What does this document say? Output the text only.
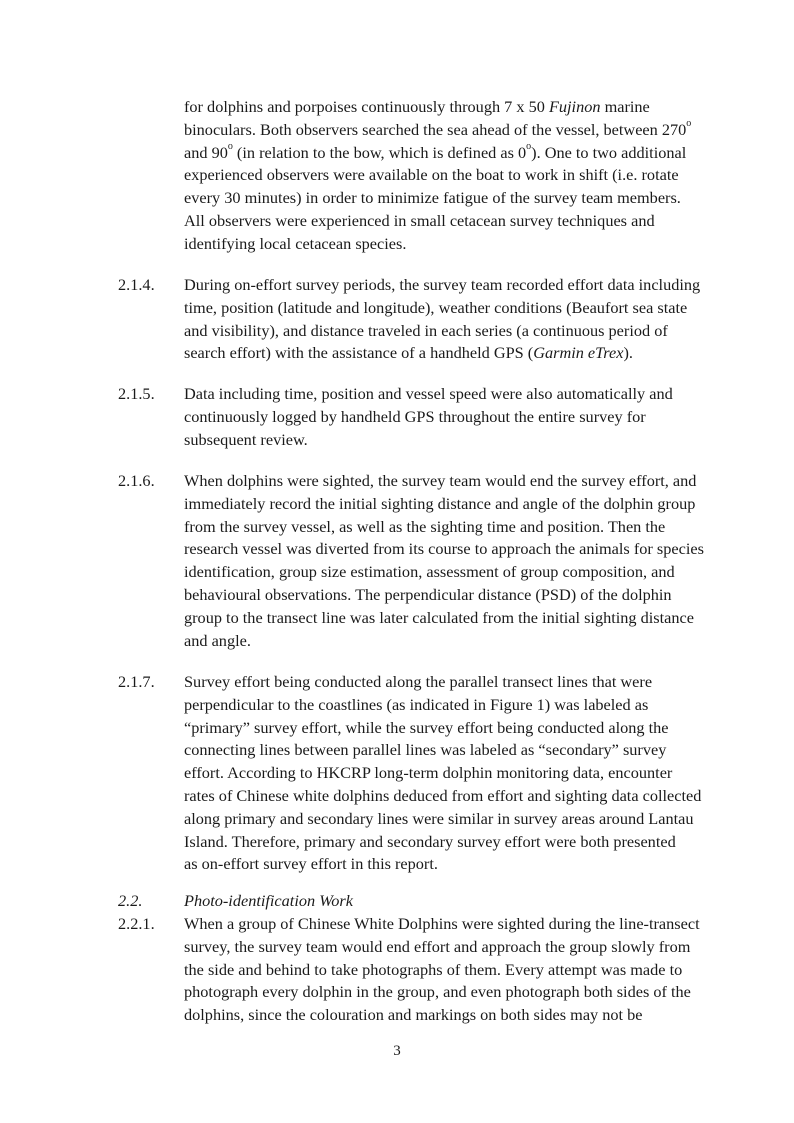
for dolphins and porpoises continuously through 7 x 50 Fujinon marine
binoculars. Both observers searched the sea ahead of the vessel, between 270$^o$
and 90$^o$ (in relation to the bow, which is defined as 0$^o$). One to two additional
experienced observers were available on the boat to work in shift (i.e. rotate
every 30 minutes) in order to minimize fatigue of the survey team members.
All observers were experienced in small cetacean survey techniques and
identifying local cetacean species.
2.1.4.	During on-effort survey periods, the survey team recorded effort data including
time, position (latitude and longitude), weather conditions (Beaufort sea state
and visibility), and distance traveled in each series (a continuous period of
search effort) with the assistance of a handheld GPS (Garmin eTrex).
2.1.5.	Data including time, position and vessel speed were also automatically and
continuously logged by handheld GPS throughout the entire survey for
subsequent review.
2.1.6.	When dolphins were sighted, the survey team would end the survey effort, and
immediately record the initial sighting distance and angle of the dolphin group
from the survey vessel, as well as the sighting time and position. Then the
research vessel was diverted from its course to approach the animals for species
identification, group size estimation, assessment of group composition, and
behavioural observations. The perpendicular distance (PSD) of the dolphin
group to the transect line was later calculated from the initial sighting distance
and angle.
2.1.7.	Survey effort being conducted along the parallel transect lines that were
perpendicular to the coastlines (as indicated in Figure 1) was labeled as
“primary” survey effort, while the survey effort being conducted along the
connecting lines between parallel lines was labeled as “secondary” survey
effort. According to HKCRP long-term dolphin monitoring data, encounter
rates of Chinese white dolphins deduced from effort and sighting data collected
along primary and secondary lines were similar in survey areas around Lantau
Island. Therefore, primary and secondary survey effort were both presented
as on-effort survey effort in this report.
2.2.	Photo-identification Work
2.2.1.	When a group of Chinese White Dolphins were sighted during the line-transect
survey, the survey team would end effort and approach the group slowly from
the side and behind to take photographs of them. Every attempt was made to
photograph every dolphin in the group, and even photograph both sides of the
dolphins, since the colouration and markings on both sides may not be
3
